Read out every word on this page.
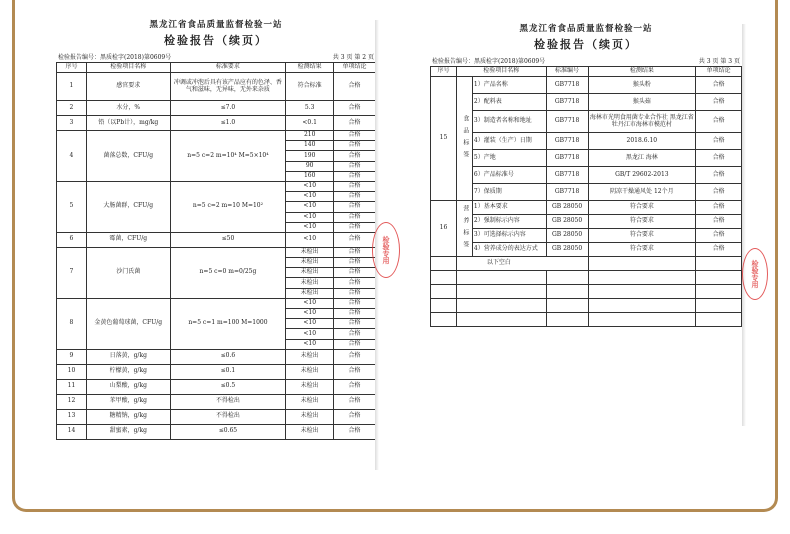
黑龙江省食品质量监督检验一站
检验报告（续页）
检验报告编号：黑质检字(2018)第0609号	共 3 页 第 2 页
序号	检验项目名称	标准要求	检测结果	单项结论
1	感官要求	冲调或冲泡后具有该产品应有的色泽、香气和滋味，无异味，无外来杂质	符合标准	合格
2	水分，%	≤7.0	5.3	合格
3	铅（以Pb计），mg/kg	≤1.0	<0.1	合格
4	菌落总数，CFU/g	n=5 c=2 m=10⁴ M=5×10⁴	210	合格
			140	合格
			190	合格
			90	合格
			160	合格
5	大肠菌群，CFU/g	n=5 c=2 m=10 M=10²	<10	合格
			<10	合格
			<10	合格
			<10	合格
			<10	合格
6	霉菌，CFU/g	≤50	<10	合格
7	沙门氏菌	n=5 c=0 m=0/25g	未检出	合格
			未检出	合格
			未检出	合格
			未检出	合格
			未检出	合格
8	金黄色葡萄球菌，CFU/g	n=5 c=1 m=100 M=1000	<10	合格
			<10	合格
			<10	合格
			<10	合格
			<10	合格
9	日落黄，g/kg	≤0.6	未检出	合格
10	柠檬黄，g/kg	≤0.1	未检出	合格
11	山梨酸，g/kg	≤0.5	未检出	合格
12	苯甲酸，g/kg	不得检出	未检出	合格
13	糖精钠，g/kg	不得检出	未检出	合格
14	甜蜜素，g/kg	≤0.65	未检出	合格
黑龙江省食品质量监督检验一站
检验报告（续页）
检验报告编号：黑质检字(2018)第0609号	共 3 页 第 3 页
序号	检验项目名称		标准编号	检测结果	单项结论
15	食品标签	1）产品名称	GB7718	猴头粉	合格
		2）配料表	GB7718	猴头菇	合格
		3）制造者名称和地址	GB7718	海林市光明食用菌专业合作社 黑龙江省牡丹江市海林市模范村	合格
		4）灌装（生产）日期	GB7718	2018.6.10	合格
		5）产地	GB7718	黑龙江 海林	合格
		6）产品标准号	GB7718	GB/T 29602-2013	合格
		7）保质期	GB7718	阴凉干燥通风处 12个月	合格
16	营养标签	1）基本要求	GB 28050	符合要求	合格
		2）强制标示内容	GB 28050	符合要求	合格
		3）可选择标示内容	GB 28050	符合要求	合格
		4）营养成分的表达方式	GB 28050	符合要求	合格
	以下空白				

检验专用
检验专用
